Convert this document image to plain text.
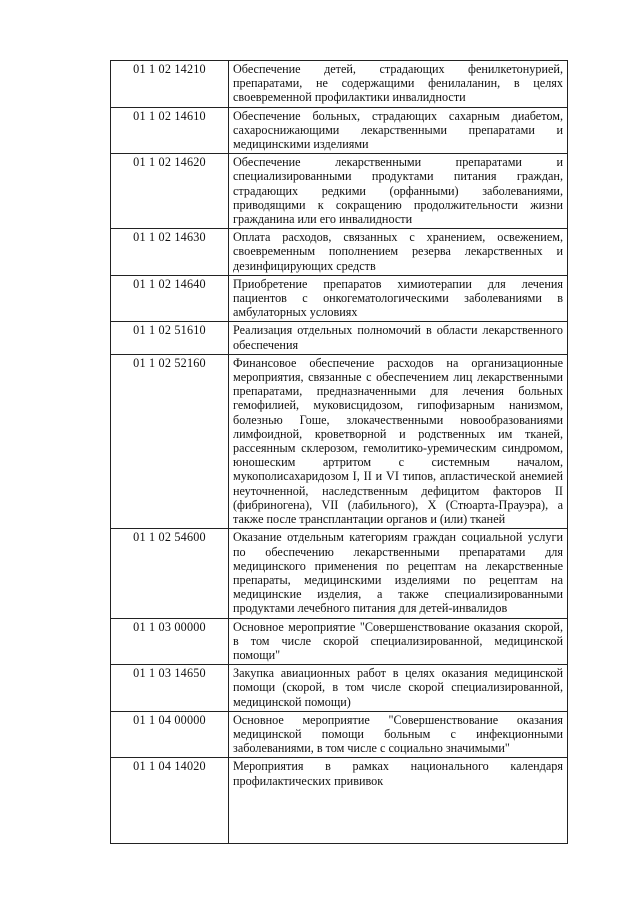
01 1 02 14210	Обеспечение детей, страдающих фенилкетонурией, препаратами, не содержащими фенилаланин, в целях своевременной профилактики инвалидности
01 1 02 14610	Обеспечение больных, страдающих сахарным диабетом, сахароснижающими лекарственными препаратами и медицинскими изделиями
01 1 02 14620	Обеспечение лекарственными препаратами и специализированными продуктами питания граждан, страдающих редкими (орфанными) заболеваниями, приводящими к сокращению продолжительности жизни гражданина или его инвалидности
01 1 02 14630	Оплата расходов, связанных с хранением, освежением, своевременным пополнением резерва лекарственных и дезинфицирующих средств
01 1 02 14640	Приобретение препаратов химиотерапии для лечения пациентов с онкогематологическими заболеваниями в амбулаторных условиях
01 1 02 51610	Реализация отдельных полномочий в области лекарственного обеспечения
01 1 02 52160	Финансовое обеспечение расходов на организационные мероприятия, связанные с обеспечением лиц лекарственными препаратами, предназначенными для лечения больных гемофилией, муковисцидозом, гипофизарным нанизмом, болезнью Гоше, злокачественными новообразованиями лимфоидной, кроветворной и родственных им тканей, рассеянным склерозом, гемолитико-уремическим синдромом, юношеским артритом с системным началом, мукополисахаридозом I, II и VI типов, апластической анемией неуточненной, наследственным дефицитом факторов II (фибриногена), VII (лабильного), X (Стюарта-Прауэра), а также после трансплантации органов и (или) тканей
01 1 02 54600	Оказание отдельным категориям граждан социальной услуги по обеспечению лекарственными препаратами для медицинского применения по рецептам на лекарственные препараты, медицинскими изделиями по рецептам на медицинские изделия, а также специализированными продуктами лечебного питания для детей-инвалидов
01 1 03 00000	Основное мероприятие "Совершенствование оказания скорой, в том числе скорой специализированной, медицинской помощи"
01 1 03 14650	Закупка авиационных работ в целях оказания медицинской помощи (скорой, в том числе скорой специализированной, медицинской помощи)
01 1 04 00000	Основное мероприятие "Совершенствование оказания медицинской помощи больным с инфекционными заболеваниями, в том числе с социально значимыми"
01 1 04 14020	Мероприятия в рамках национального календаря профилактических прививок
